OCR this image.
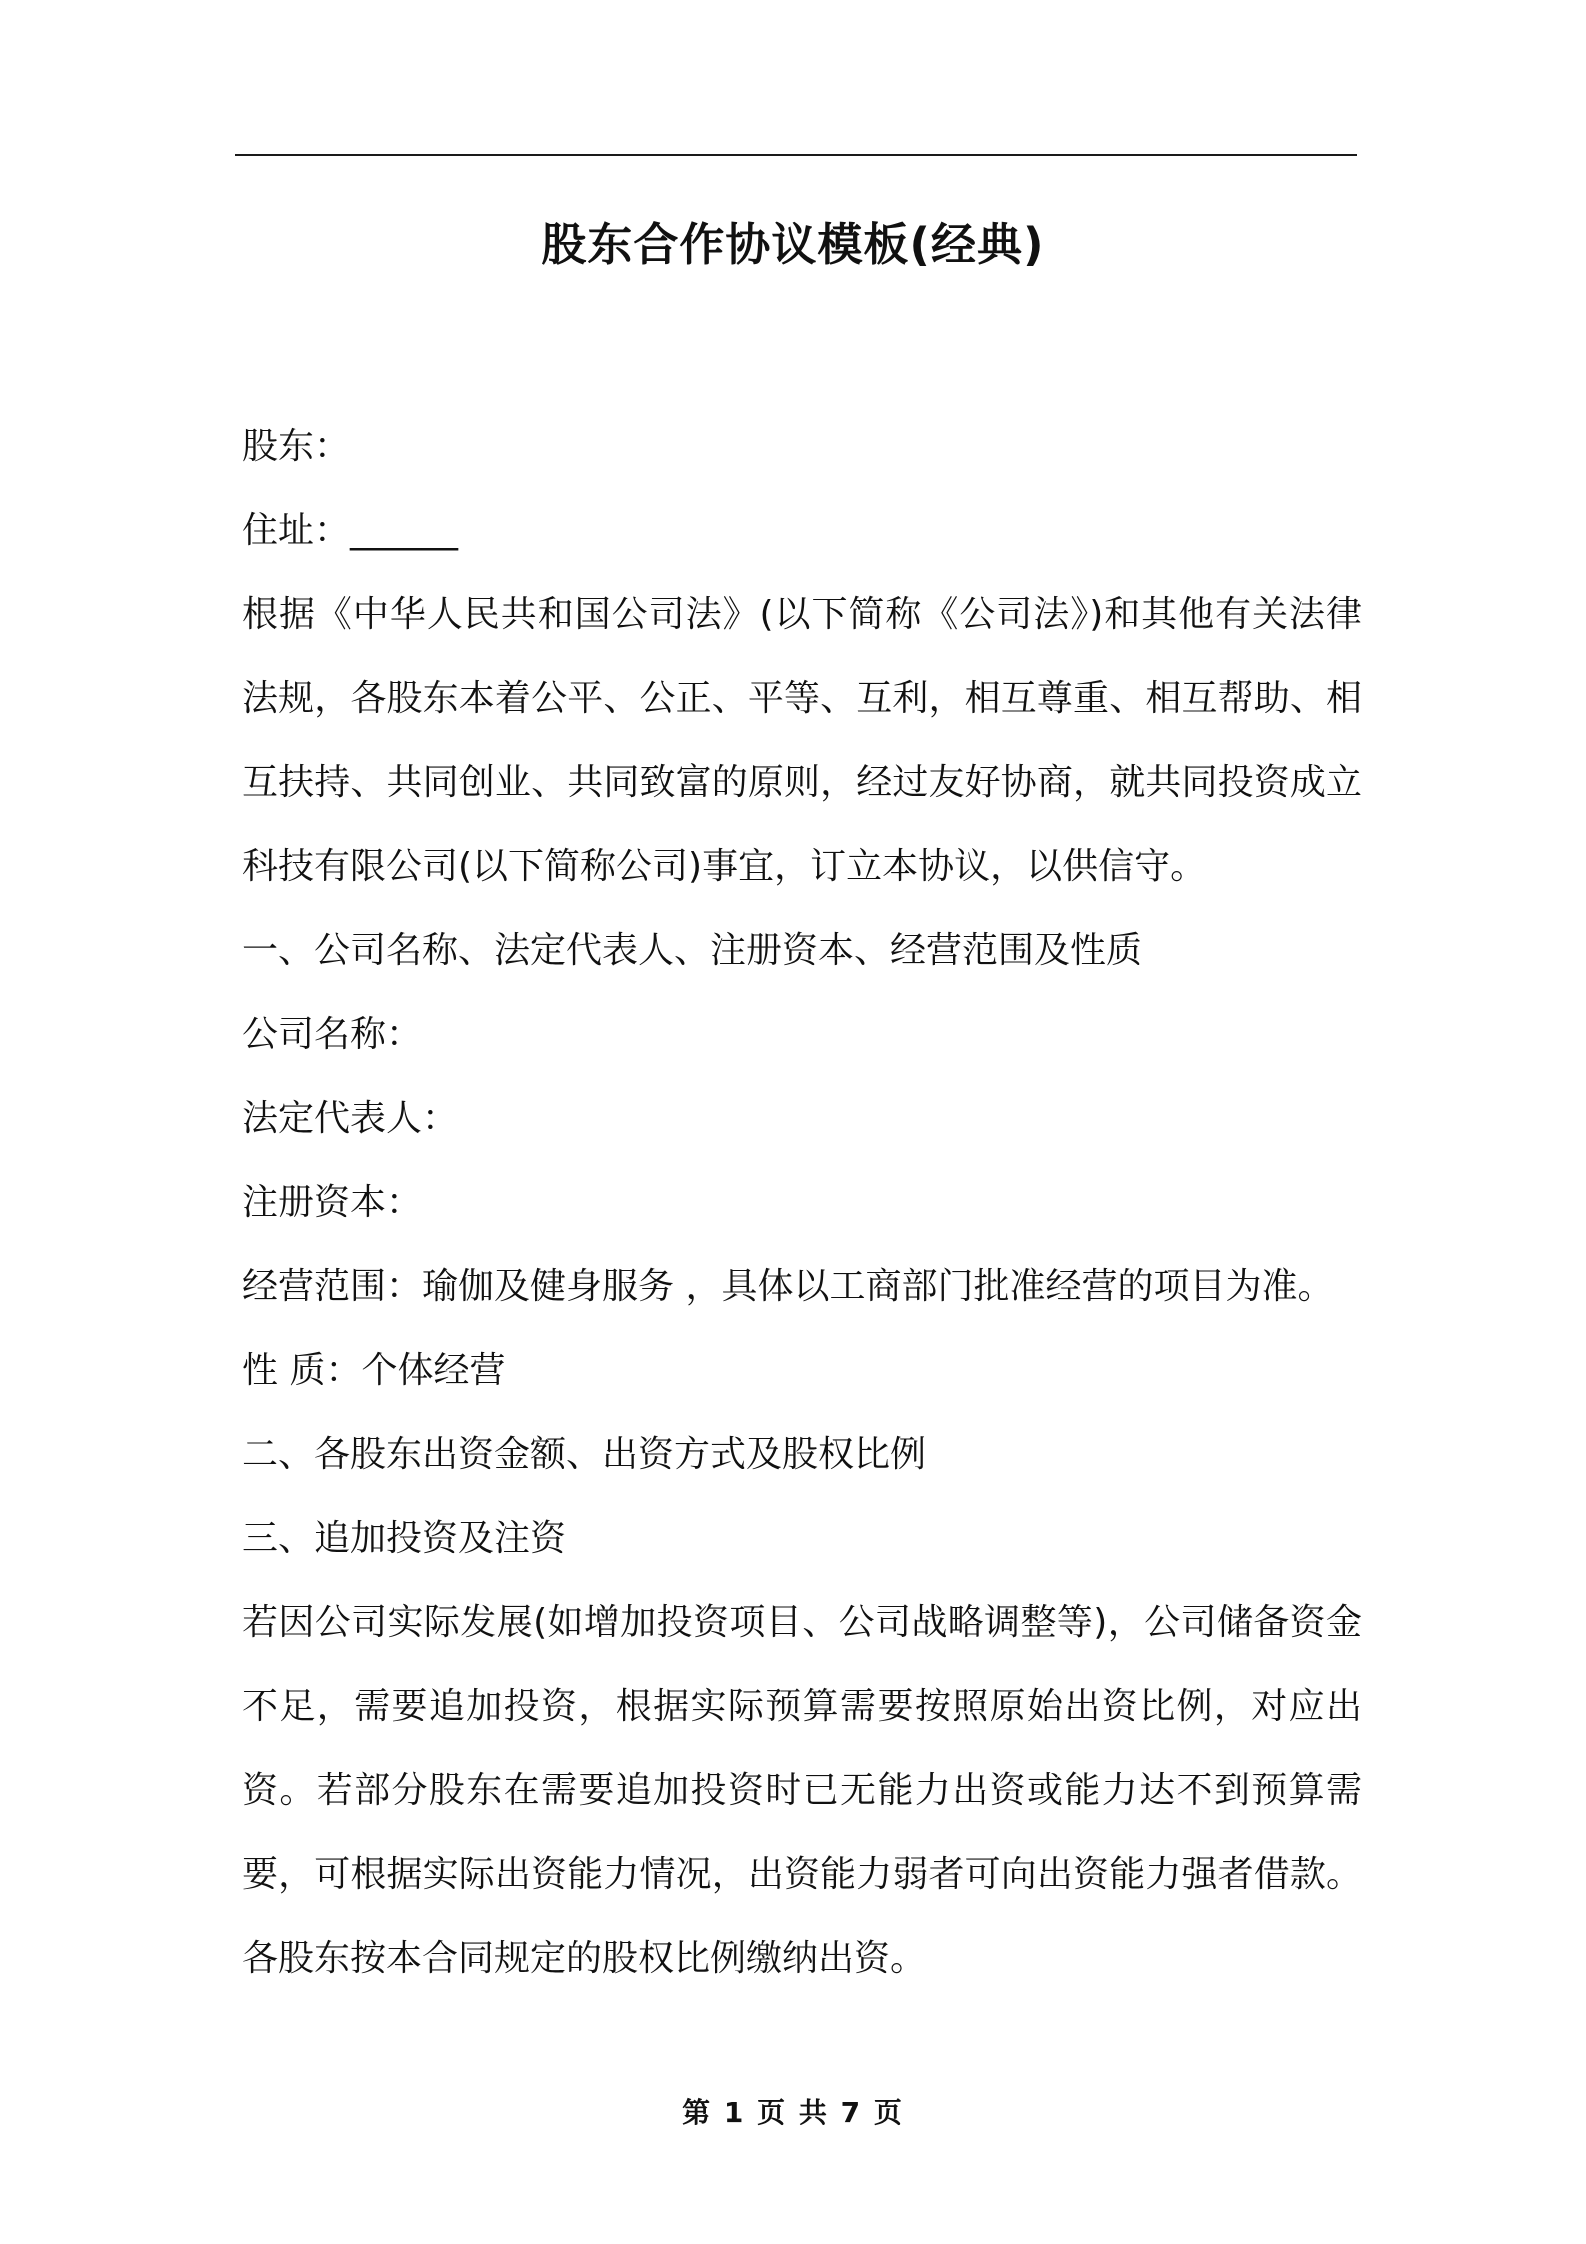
股东合作协议模板(经典)

股东：

住址：______

根据《中华人民共和国公司法》(以下简称《公司法》)和其他有关法律法规，各股东本着公平、公正、平等、互利，相互尊重、相互帮助、相互扶持、共同创业、共同致富的原则，经过友好协商，就共同投资成立科技有限公司(以下简称公司)事宜，订立本协议，以供信守。

一、公司名称、法定代表人、注册资本、经营范围及性质

公司名称：

法定代表人：

注册资本：

经营范围：瑜伽及健身服务 ，具体以工商部门批准经营的项目为准。

性 质：个体经营

二、各股东出资金额、出资方式及股权比例

三、追加投资及注资

若因公司实际发展(如增加投资项目、公司战略调整等)，公司储备资金不足，需要追加投资，根据实际预算需要按照原始出资比例，对应出资。若部分股东在需要追加投资时已无能力出资或能力达不到预算需要，可根据实际出资能力情况，出资能力弱者可向出资能力强者借款。各股东按本合同规定的股权比例缴纳出资。

第 1 页 共 7 页
